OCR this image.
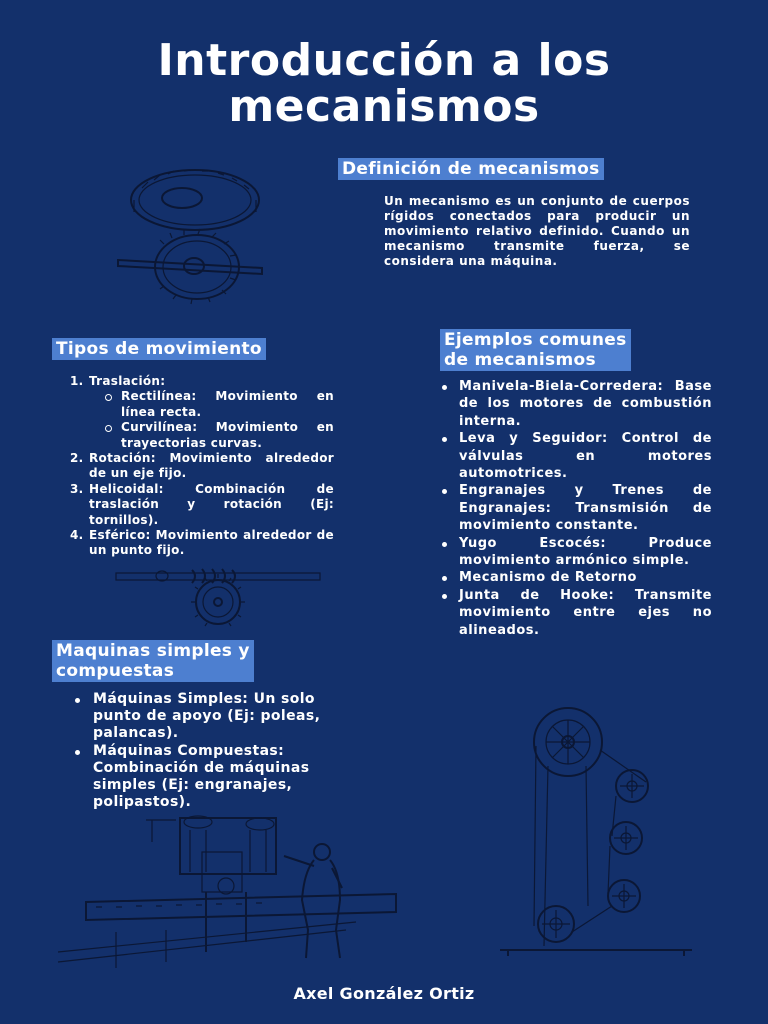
Introducción a los
mecanismos
Definición de mecanismos

Un mecanismo es un conjunto de cuerpos rígidos conectados para producir un movimiento relativo definido. Cuando un mecanismo transmite fuerza, se considera una máquina.

Tipos de movimiento
1. Traslación:
Rectilínea: Movimiento en línea recta.
Curvilínea: Movimiento en trayectorias curvas.
2. Rotación: Movimiento alrededor de un eje fijo.
3. Helicoidal: Combinación de traslación y rotación (Ej: tornillos).
4. Esférico: Movimiento alrededor de un punto fijo.
Ejemplos comunes
de mecanismos
Manivela-Biela-Corredera: Base de los motores de combustión interna.
Leva y Seguidor: Control de válvulas en motores automotrices.
Engranajes y Trenes de Engranajes: Transmisión de movimiento constante.
Yugo Escocés: Produce movimiento armónico simple.
Mecanismo de Retorno
Junta de Hooke: Transmite movimiento entre ejes no alineados.
Maquinas simples y
compuestas
Máquinas Simples: Un solo punto de apoyo (Ej: poleas, palancas).
Máquinas Compuestas: Combinación de máquinas simples (Ej: engranajes, polipastos).
Axel González Ortiz
